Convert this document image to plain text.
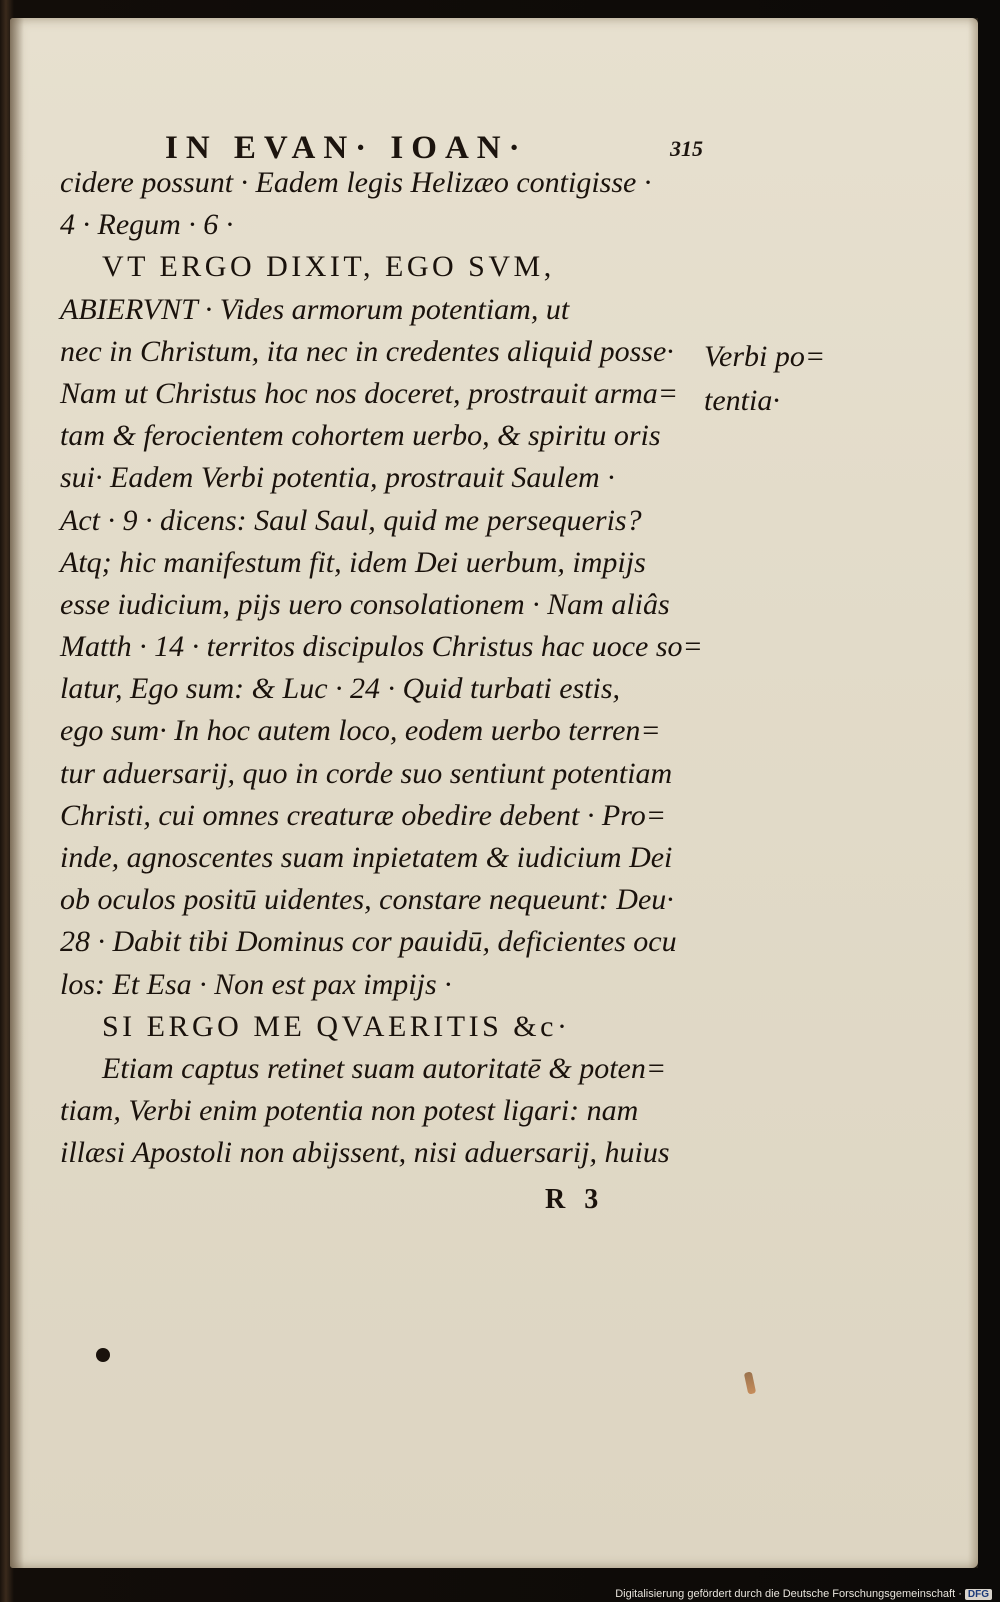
IN EVAN· IOAN·	315
cidere possunt · Eadem legis Helizæo contigisse ·
4 · Regum · 6 ·
VT ERGO DIXIT, EGO SVM,
ABIERVNT · Vides armorum potentiam, ut
nec in Christum, ita nec in credentes aliquid posse·
Nam ut Christus hoc nos doceret, prostrauit arma=
tam & ferocientem cohortem uerbo, & spiritu oris
sui· Eadem Verbi potentia, prostrauit Saulem ·
Act · 9 · dicens: Saul Saul, quid me persequeris?
Atq; hic manifestum fit, idem Dei uerbum, impijs
esse iudicium, pijs uero consolationem · Nam aliâs
Matth · 14 · territos discipulos Christus hac uoce so=
latur, Ego sum: & Luc · 24 · Quid turbati estis,
ego sum· In hoc autem loco, eodem uerbo terren=
tur aduersarij, quo in corde suo sentiunt potentiam
Christi, cui omnes creaturæ obedire debent · Pro=
inde, agnoscentes suam inpietatem & iudicium Dei
ob oculos positū uidentes, constare nequeunt: Deu·
28 · Dabit tibi Dominus cor pauidū, deficientes ocu
los: Et Esa · Non est pax impijs ·
SI ERGO ME QVAERITIS &c·
Etiam captus retinet suam autoritatē & poten=
tiam, Verbi enim potentia non potest ligari: nam
illæsi Apostoli non abijssent, nisi aduersarij, huius
Verbi po=
tentia·
R 3
Digitalisierung gefördert durch die Deutsche Forschungsgemeinschaft · DFG
